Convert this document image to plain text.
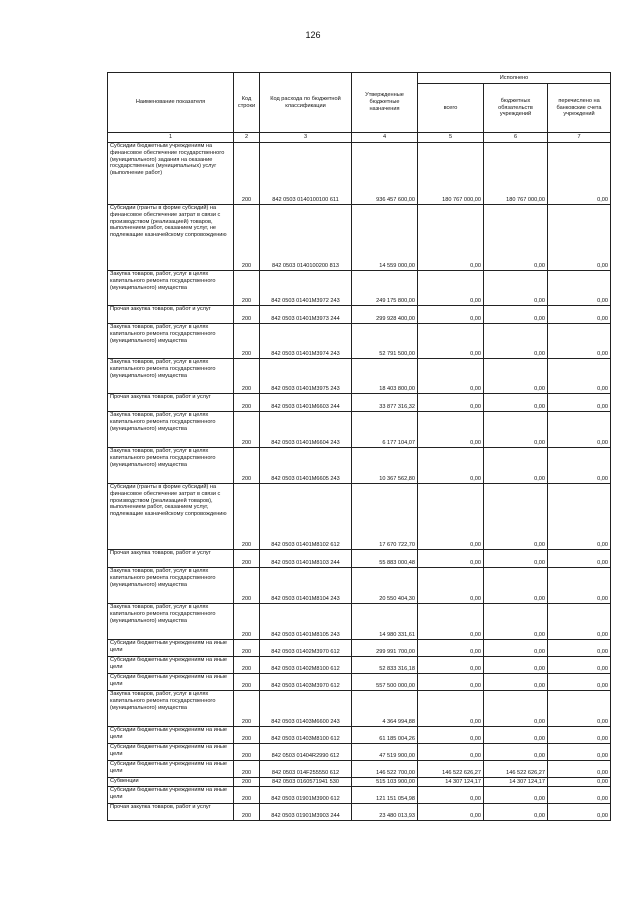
126
Наименование показателя	Код строки	Код расхода по бюджетной классификации	Утвержденные бюджетные назначения	Исполнено		
				всего	бюджетных обязательств учреждений	перечислено на банковские счета учреждений
1	2	3	4	5	6	7
Субсидии бюджетным учреждениям на финансовое обеспечение государственного (муниципального) задания на оказание государственных (муниципальных) услуг (выполнение работ)	200	842 0503 0140100100 611	936 457 600,00	180 767 000,00	180 767 000,00	0,00
Субсидии (гранты в форме субсидий) на финансовое обеспечение затрат в связи с производством (реализацией) товаров, выполнением работ, оказанием услуг, не подлежащие казначейскому сопровождению	200	842 0503 0140100200 813	14 559 000,00	0,00	0,00	0,00
Закупка товаров, работ, услуг в целях капитального ремонта государственного (муниципального) имущества	200	842 0503 01401M3972 243	249 175 800,00	0,00	0,00	0,00
Прочая закупка товаров, работ и услуг	200	842 0503 01401M3973 244	299 928 400,00	0,00	0,00	0,00
Закупка товаров, работ, услуг в целях капитального ремонта государственного (муниципального) имущества	200	842 0503 01401M3974 243	52 791 500,00	0,00	0,00	0,00
Закупка товаров, работ, услуг в целях капитального ремонта государственного (муниципального) имущества	200	842 0503 01401M3975 243	18 403 800,00	0,00	0,00	0,00
Прочая закупка товаров, работ и услуг	200	842 0503 01401M6603 244	33 877 316,32	0,00	0,00	0,00
Закупка товаров, работ, услуг в целях капитального ремонта государственного (муниципального) имущества	200	842 0503 01401M6604 243	6 177 104,07	0,00	0,00	0,00
Закупка товаров, работ, услуг в целях капитального ремонта государственного (муниципального) имущества	200	842 0503 01401M6605 243	10 367 562,80	0,00	0,00	0,00
Субсидии (гранты в форме субсидий) на финансовое обеспечение затрат в связи с производством (реализацией товаров), выполнением работ, оказанием услуг, подлежащие казначейскому сопровождению	200	842 0503 01401M8102 612	17 670 722,70	0,00	0,00	0,00
Прочая закупка товаров, работ и услуг	200	842 0503 01401M8103 244	55 883 000,48	0,00	0,00	0,00
Закупка товаров, работ, услуг в целях капитального ремонта государственного (муниципального) имущества	200	842 0503 01401M8104 243	20 550 404,30	0,00	0,00	0,00
Закупка товаров, работ, услуг в целях капитального ремонта государственного (муниципального) имущества	200	842 0503 01401M8105 243	14 980 331,61	0,00	0,00	0,00
Субсидии бюджетным учреждениям на иные цели	200	842 0503 01402M3970 612	299 991 700,00	0,00	0,00	0,00
Субсидии бюджетным учреждениям на иные цели	200	842 0503 01402M8100 612	52 833 316,18	0,00	0,00	0,00
Субсидии бюджетным учреждениям на иные цели	200	842 0503 01403M3970 612	557 500 000,00	0,00	0,00	0,00
Закупка товаров, работ, услуг в целях капитального ремонта государственного (муниципального) имущества	200	842 0503 01403M6600 243	4 364 994,88	0,00	0,00	0,00
Субсидии бюджетным учреждениям на иные цели	200	842 0503 01403M8100 612	61 185 004,26	0,00	0,00	0,00
Субсидии бюджетным учреждениям на иные цели	200	842 0503 01404R2990 612	47 519 900,00	0,00	0,00	0,00
Субсидии бюджетным учреждениям на иные цели	200	842 0503 014F255550 612	146 522 700,00	146 522 626,27	146 522 626,27	0,00
Субвенции	200	842 0503 0160571941 530	515 103 900,00	14 307 124,17	14 307 124,17	0,00
Субсидии бюджетным учреждениям на иные цели	200	842 0503 01901M3900 612	121 151 054,98	0,00	0,00	0,00
Прочая закупка товаров, работ и услуг	200	842 0503 01901M3903 244	23 480 013,93	0,00	0,00	0,00
